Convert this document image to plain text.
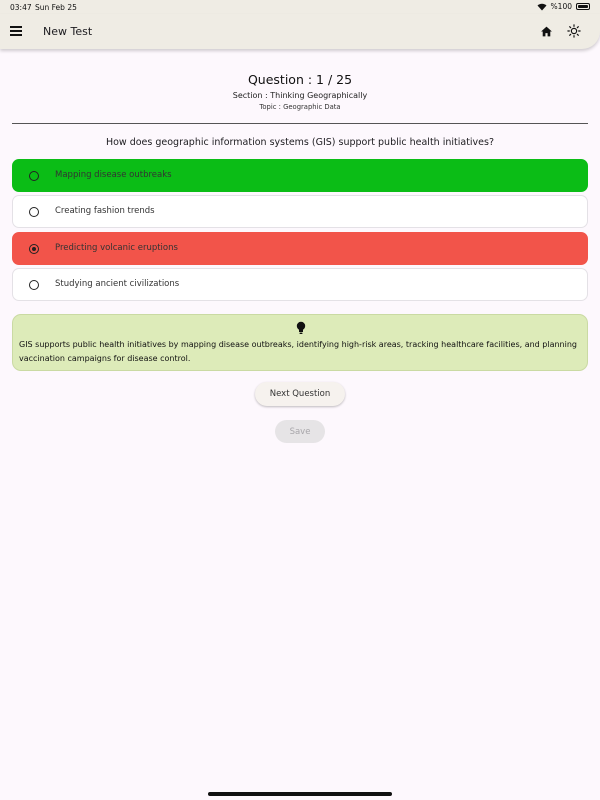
03:47 Sun Feb 25	%100
New Test
Question : 1 / 25
Section : Thinking Geographically
Topic : Geographic Data
How does geographic information systems (GIS) support public health initiatives?
Mapping disease outbreaks
Creating fashion trends
Predicting volcanic eruptions
Studying ancient civilizations
GIS supports public health initiatives by mapping disease outbreaks, identifying high-risk areas, tracking healthcare facilities, and planning vaccination campaigns for disease control.
Next Question
Save
